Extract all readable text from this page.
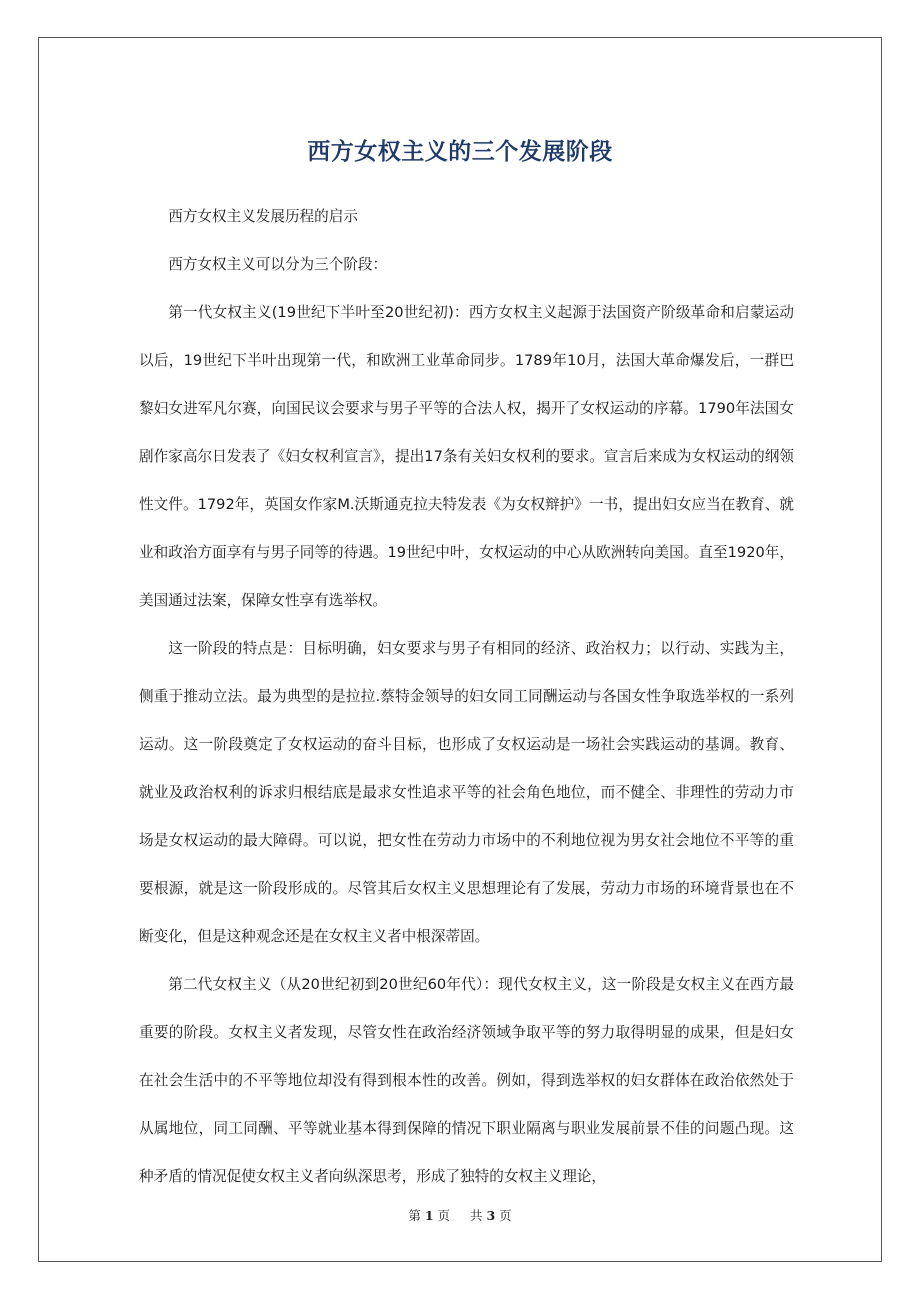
西方女权主义的三个发展阶段

西方女权主义发展历程的启示

西方女权主义可以分为三个阶段：

第一代女权主义(19世纪下半叶至20世纪初)：西方女权主义起源于法国资产阶级革命和启蒙运动以后，19世纪下半叶出现第一代，和欧洲工业革命同步。1789年10月，法国大革命爆发后，一群巴黎妇女进军凡尔赛，向国民议会要求与男子平等的合法人权，揭开了女权运动的序幕。1790年法国女剧作家高尔日发表了《妇女权利宣言》，提出17条有关妇女权利的要求。宣言后来成为女权运动的纲领性文件。1792年，英国女作家M.沃斯通克拉夫特发表《为女权辩护》一书，提出妇女应当在教育、就业和政治方面享有与男子同等的待遇。19世纪中叶，女权运动的中心从欧洲转向美国。直至1920年，美国通过法案，保障女性享有选举权。

这一阶段的特点是：目标明确，妇女要求与男子有相同的经济、政治权力；以行动、实践为主，侧重于推动立法。最为典型的是拉拉.蔡特金领导的妇女同工同酬运动与各国女性争取选举权的一系列运动。这一阶段奠定了女权运动的奋斗目标，也形成了女权运动是一场社会实践运动的基调。教育、就业及政治权利的诉求归根结底是最求女性追求平等的社会角色地位，而不健全、非理性的劳动力市场是女权运动的最大障碍。可以说，把女性在劳动力市场中的不利地位视为男女社会地位不平等的重要根源，就是这一阶段形成的。尽管其后女权主义思想理论有了发展，劳动力市场的环境背景也在不断变化，但是这种观念还是在女权主义者中根深蒂固。

第二代女权主义（从20世纪初到20世纪60年代）：现代女权主义，这一阶段是女权主义在西方最重要的阶段。女权主义者发现，尽管女性在政治经济领域争取平等的努力取得明显的成果，但是妇女在社会生活中的不平等地位却没有得到根本性的改善。例如，得到选举权的妇女群体在政治依然处于从属地位，同工同酬、平等就业基本得到保障的情况下职业隔离与职业发展前景不佳的问题凸现。这种矛盾的情况促使女权主义者向纵深思考，形成了独特的女权主义理论，

第 1 页 共 3 页
